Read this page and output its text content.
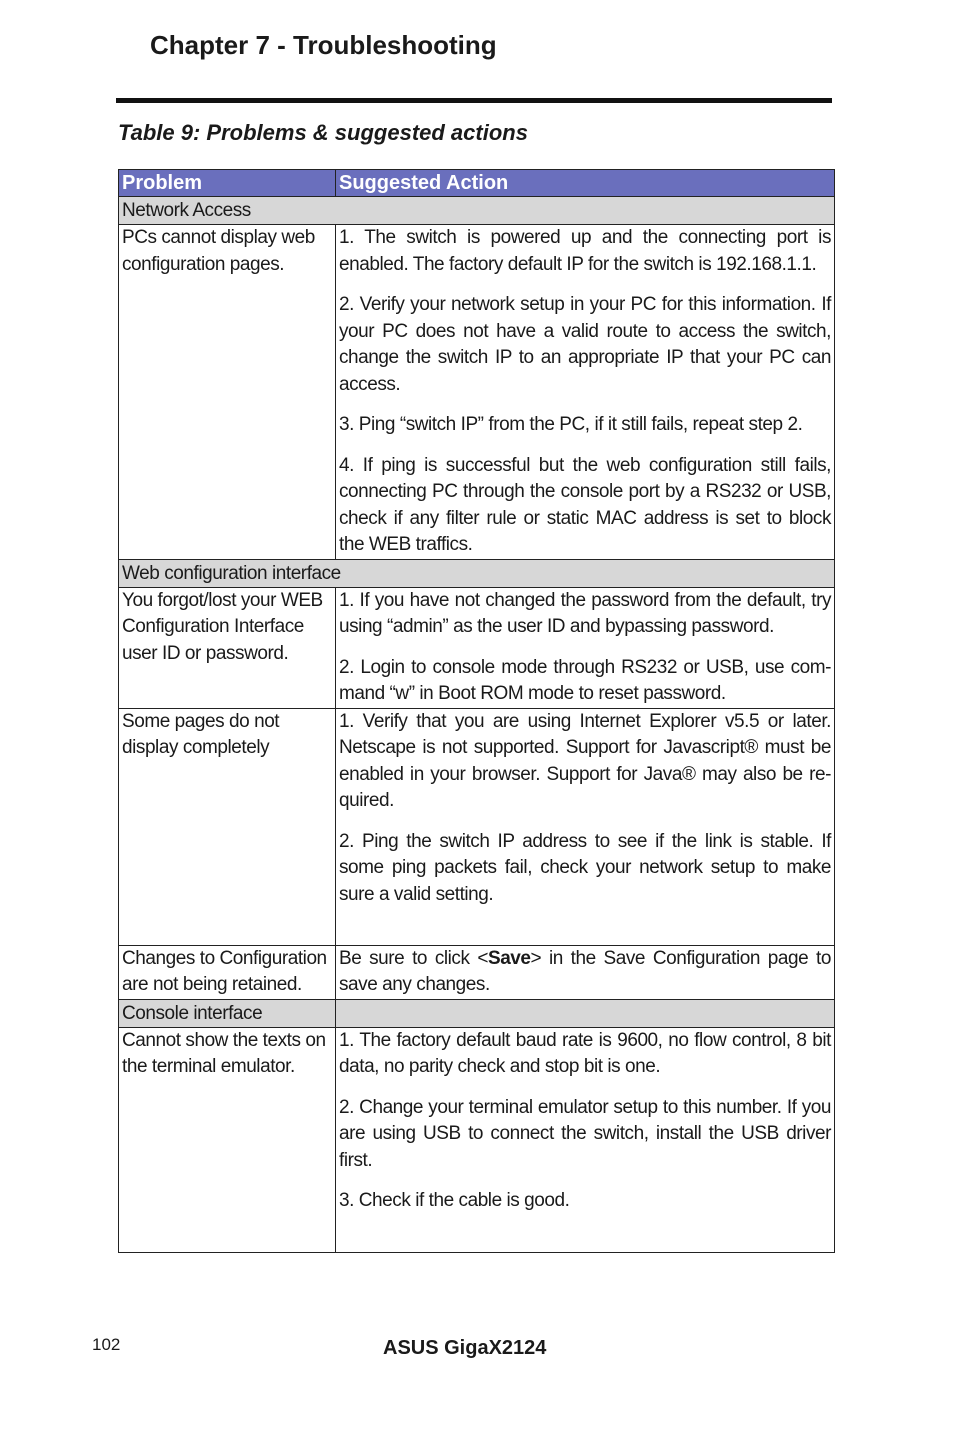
Chapter 7 - Troubleshooting
Table 9: Problems & suggested actions
Problem	Suggested Action
Network Access	
PCs cannot display web configuration pages.	1. The switch is powered up and the connecting port is enabled. The factory default IP for the switch is 192.168.1.1.

2. Verify your network setup in your PC for this information. If your PC does not have a valid route to access the switch, change the switch IP to an appropriate IP that your PC can access.

3. Ping “switch IP” from the PC, if it still fails, repeat step 2.

4. If ping is successful but the web configuration still fails, connecting PC through the console port by a RS232 or USB, check if any filter rule or static MAC address is set to block the WEB traffics.

Web configuration interface	
You forgot/lost your WEB Configuration Interface user ID or password.	1. If you have not changed the password from the default, try using “admin” as the user ID and bypassing password.

2. Login to console mode through RS232 or USB, use com-mand “w” in Boot ROM mode to reset password.

Some pages do not display completely	1. Verify that you are using Internet Explorer v5.5 or later. Netscape is not supported. Support for Javascript® must be enabled in your browser. Support for Java® may also be re-quired.

2. Ping the switch IP address to see if the link is stable. If some ping packets fail, check your network setup to make sure a valid setting.

Changes to Configuration are not being retained.	Be sure to click <Save> in the Save Configuration page to save any changes.

Console interface	
Cannot show the texts on the terminal emulator.	1. The factory default baud rate is 9600, no flow control, 8 bit data, no parity check and stop bit is one.

2. Change your terminal emulator setup to this number. If you are using USB to connect the switch, install the USB driver first.

3. Check if the cable is good.

102	ASUS GigaX2124
